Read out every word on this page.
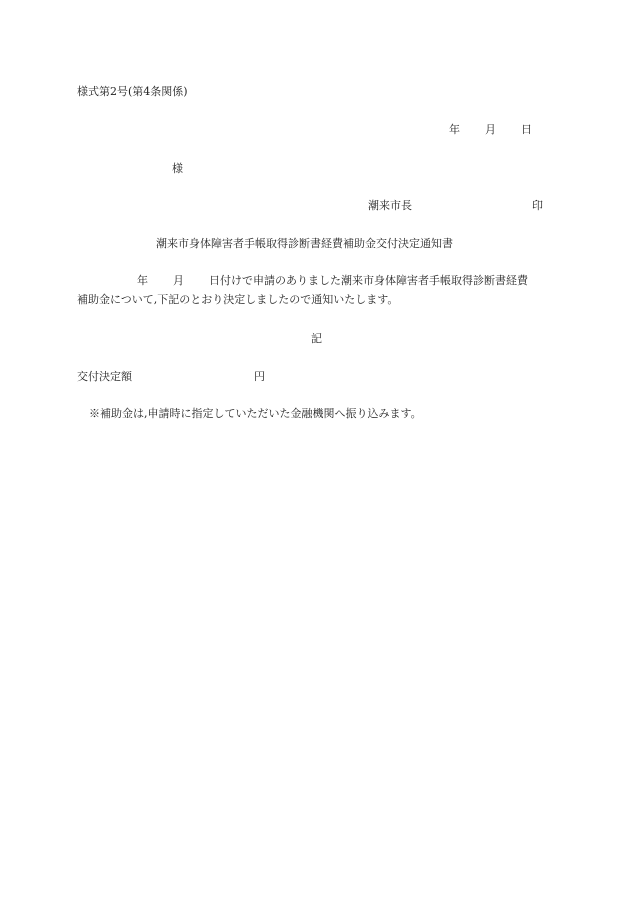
様式第2号(第4条関係)
年 月 日
様
潮来市長	印
潮来市身体障害者手帳取得診断書経費補助金交付決定通知書
年 月 日付けで申請のありました潮来市身体障害者手帳取得診断書経費
補助金について,下記のとおり決定しましたので通知いたします。
記
交付決定額	円
※補助金は,申請時に指定していただいた金融機関へ振り込みます。
